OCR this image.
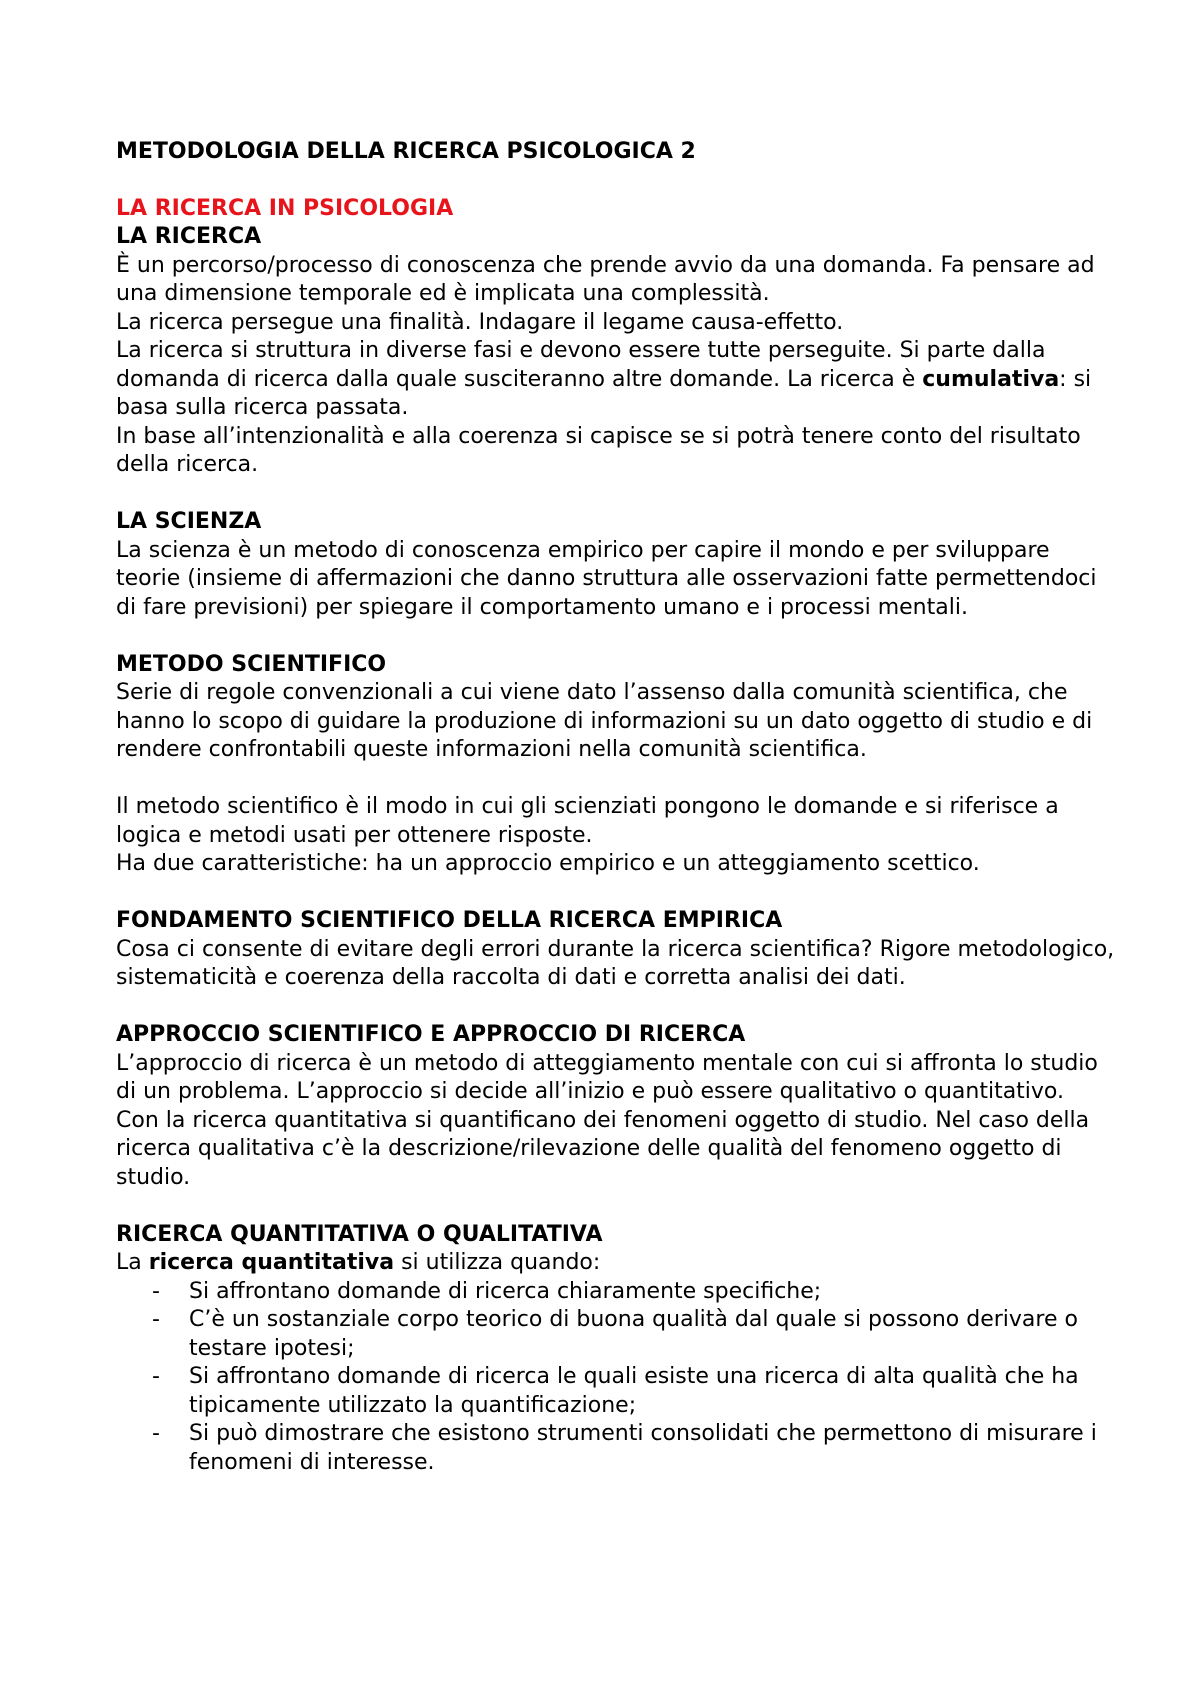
METODOLOGIA DELLA RICERCA PSICOLOGICA 2

LA RICERCA IN PSICOLOGIA

LA RICERCA

È un percorso/processo di conoscenza che prende avvio da una domanda. Fa pensare ad una dimensione temporale ed è implicata una complessità.

La ricerca persegue una finalità. Indagare il legame causa-effetto.

La ricerca si struttura in diverse fasi e devono essere tutte perseguite. Si parte dalla domanda di ricerca dalla quale susciteranno altre domande. La ricerca è cumulativa: si basa sulla ricerca passata.

In base all’intenzionalità e alla coerenza si capisce se si potrà tenere conto del risultato della ricerca.

LA SCIENZA

La scienza è un metodo di conoscenza empirico per capire il mondo e per sviluppare teorie (insieme di affermazioni che danno struttura alle osservazioni fatte permettendoci di fare previsioni) per spiegare il comportamento umano e i processi mentali.

METODO SCIENTIFICO

Serie di regole convenzionali a cui viene dato l’assenso dalla comunità scientifica, che hanno lo scopo di guidare la produzione di informazioni su un dato oggetto di studio e di rendere confrontabili queste informazioni nella comunità scientifica.

Il metodo scientifico è il modo in cui gli scienziati pongono le domande e si riferisce a logica e metodi usati per ottenere risposte.

Ha due caratteristiche: ha un approccio empirico e un atteggiamento scettico.

FONDAMENTO SCIENTIFICO DELLA RICERCA EMPIRICA

Cosa ci consente di evitare degli errori durante la ricerca scientifica? Rigore metodologico, sistematicità e coerenza della raccolta di dati e corretta analisi dei dati.

APPROCCIO SCIENTIFICO E APPROCCIO DI RICERCA

L’approccio di ricerca è un metodo di atteggiamento mentale con cui si affronta lo studio di un problema. L’approccio si decide all’inizio e può essere qualitativo o quantitativo.

Con la ricerca quantitativa si quantificano dei fenomeni oggetto di studio. Nel caso della ricerca qualitativa c’è la descrizione/rilevazione delle qualità del fenomeno oggetto di studio.

RICERCA QUANTITATIVA O QUALITATIVA

La ricerca quantitativa si utilizza quando:

- Si affrontano domande di ricerca chiaramente specifiche;
- C’è un sostanziale corpo teorico di buona qualità dal quale si possono derivare o testare ipotesi;
- Si affrontano domande di ricerca le quali esiste una ricerca di alta qualità che ha tipicamente utilizzato la quantificazione;
- Si può dimostrare che esistono strumenti consolidati che permettono di misurare i fenomeni di interesse.
